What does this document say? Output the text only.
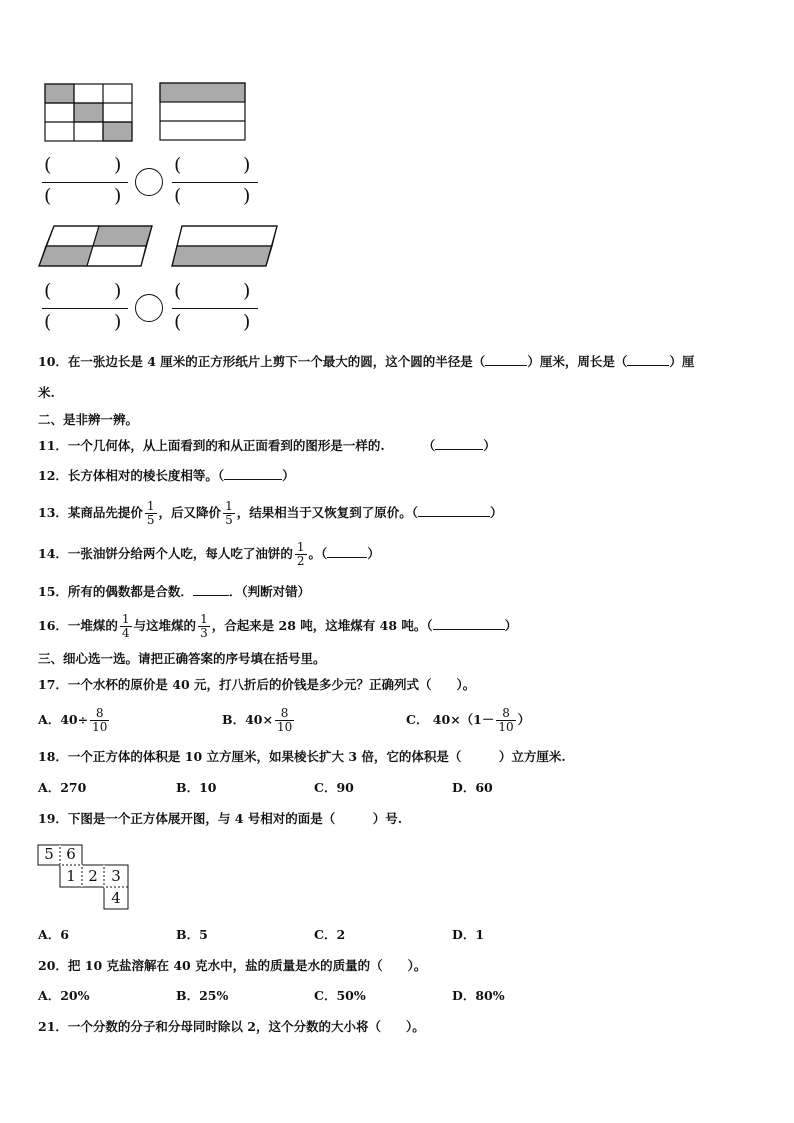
(	)
(	)
(	)
(	)
(	)
(	)
(	)
(	)
10．在一张边长是 4 厘米的正方形纸片上剪下一个最大的圆，这个圆的半径是（	）厘米，周长是（	）厘
米.
二、是非辨一辨。
11．一个几何体，从上面看到的和从正面看到的图形是一样的.	（	）
12．长方体相对的棱长度相等。（	）
13．某商品先提价 $\frac{1}{5}$ ，后又降价 $\frac{1}{5}$ ，结果相当于又恢复到了原价。（	）
14．一张油饼分给两个人吃，每人吃了油饼的 $\frac{1}{2}$ 。（	）
15．所有的偶数都是合数．	．（判断对错）
16．一堆煤的 $\frac{1}{4}$ 与这堆煤的 $\frac{1}{3}$ ，合起来是 28 吨，这堆煤有 48 吨。（	）
三、细心选一选。请把正确答案的序号填在括号里。
17．一个水杯的原价是 40 元，打八折后的价钱是多少元？正确列式（　　）。
A．$40\div \frac{8}{10}$	B．$40\times \frac{8}{10}$	C． $40\times(1- \frac{8}{10}$ ）
18．一个正方体的体积是 10 立方厘米，如果棱长扩大 3 倍，它的体积是（　　　）立方厘米.
A．270	B．10	C．90	D．60
19．下图是一个正方体展开图，与 4 号相对的面是（　　　）号.
5 6
1 2 3
4
A．6	B．5	C．2	D．1
20．把 10 克盐溶解在 40 克水中，盐的质量是水的质量的（　　）。
A．20%	B．25%	C．50%	D．80%
21．一个分数的分子和分母同时除以 2，这个分数的大小将（　　）。
